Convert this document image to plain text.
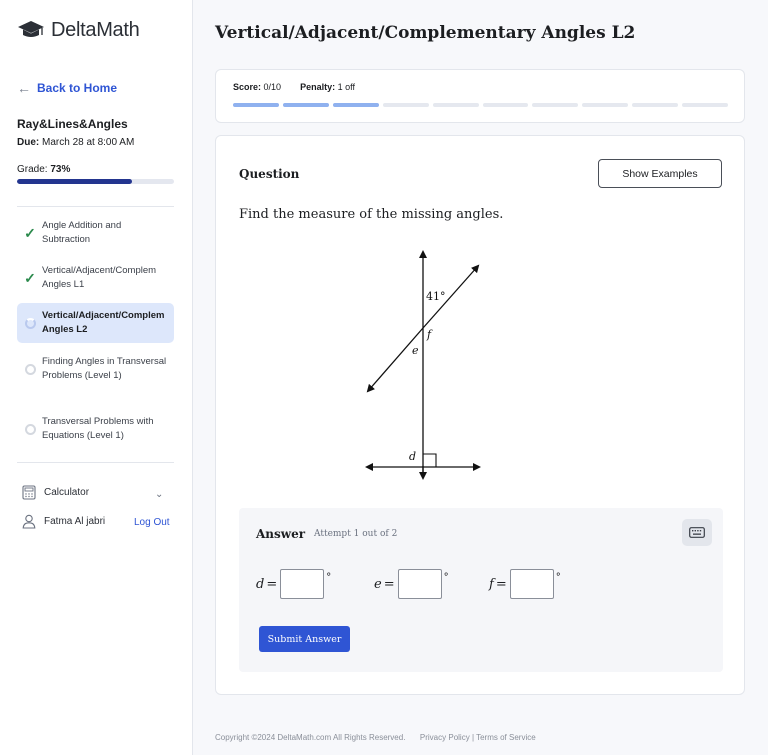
DeltaMath
← Back to Home
Ray&Lines&Angles
Due: March 28 at 8:00 AM
Grade: 73%
✓ Angle Addition and Subtraction
✓ Vertical/Adjacent/Complem Angles L1
Vertical/Adjacent/Complem Angles L2
Finding Angles in Transversal Problems (Level 1)
Transversal Problems with Equations (Level 1)
Calculator	⌄
Fatma Al jabri	Log Out
Vertical/Adjacent/Complementary Angles L2
Score: 0/10 Penalty: 1 off
Question	Show Examples
Find the measure of the missing angles.
41°
f
e
d
Answer Attempt 1 out of 2
d =	°	e =	°	f =	°
Submit Answer
Copyright ©2024 DeltaMath.com All Rights Reserved. Privacy Policy | Terms of Service
